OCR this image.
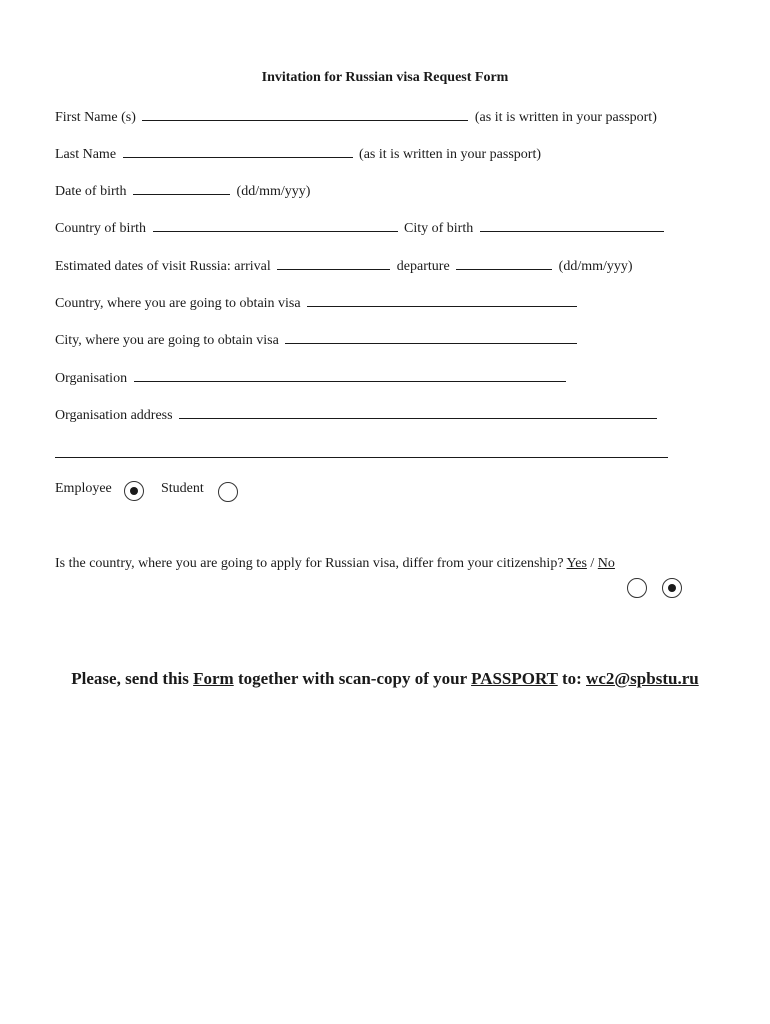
Invitation for Russian visa Request Form
First Name (s)	(as it is written in your passport)
Last Name	(as it is written in your passport)
Date of birth	(dd/mm/yyy)
Country of birth	City of birth
Estimated dates of visit Russia: arrival	departure	(dd/mm/yyy)
Country, where you are going to obtain visa
City, where you are going to obtain visa
Organisation
Organisation address
Employee	Student
Is the country, where you are going to apply for Russian visa, differ from your citizenship? Yes / No
Please, send this Form together with scan-copy of your PASSPORT to: wc2@spbstu.ru
